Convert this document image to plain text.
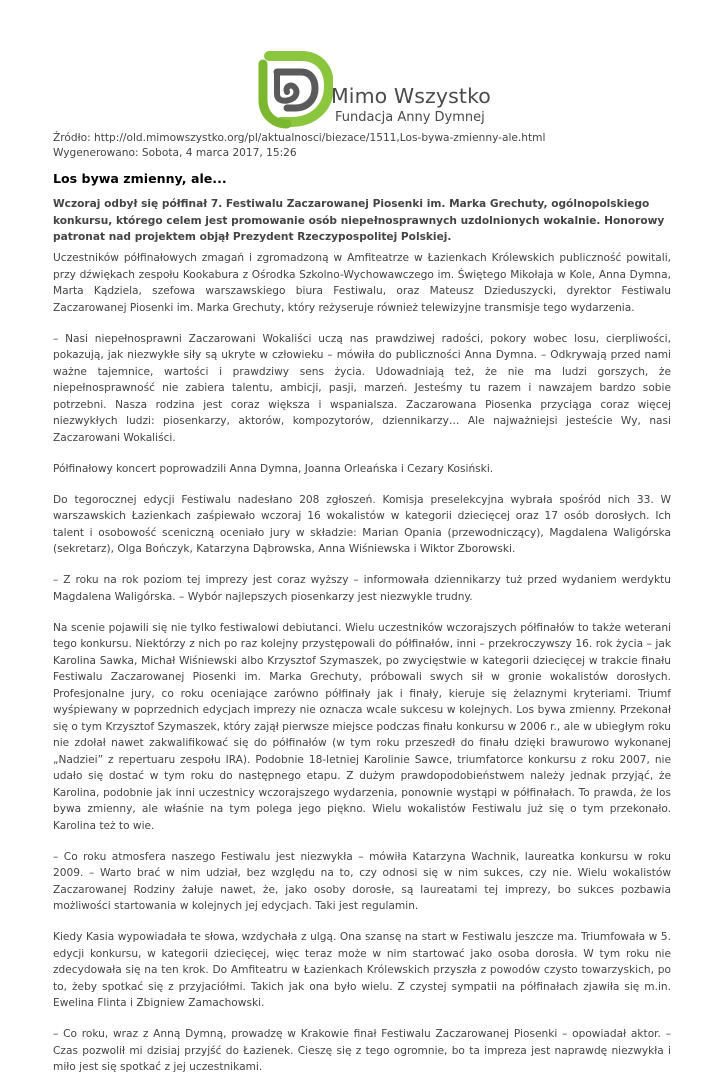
Mimo Wszystko
Fundacja Anny Dymnej
Źródło: http://old.mimowszystko.org/pl/aktualnosci/biezace/1511,Los-bywa-zmienny-ale.html
Wygenerowano: Sobota, 4 marca 2017, 15:26
Los bywa zmienny, ale...

Wczoraj odbył się półfinał 7. Festiwalu Zaczarowanej Piosenki im. Marka Grechuty, ogólnopolskiego konkursu, którego celem jest promowanie osób niepełnosprawnych uzdolnionych wokalnie. Honorowy patronat nad projektem objął Prezydent Rzeczypospolitej Polskiej.

Uczestników półfinałowych zmagań i zgromadzoną w Amfiteatrze w Łazienkach Królewskich publiczność powitali, przy dźwiękach zespołu Kookabura z Ośrodka Szkolno-Wychowawczego im. Świętego Mikołaja w Kole, Anna Dymna, Marta Kądziela, szefowa warszawskiego biura Festiwalu, oraz Mateusz Dzieduszycki, dyrektor Festiwalu Zaczarowanej Piosenki im. Marka Grechuty, który reżyseruje również telewizyjne transmisje tego wydarzenia.

– Nasi niepełnosprawni Zaczarowani Wokaliści uczą nas prawdziwej radości, pokory wobec losu, cierpliwości, pokazują, jak niezwykłe siły są ukryte w człowieku – mówiła do publiczności Anna Dymna. – Odkrywają przed nami ważne tajemnice, wartości i prawdziwy sens życia. Udowadniają też, że nie ma ludzi gorszych, że niepełnosprawność nie zabiera talentu, ambicji, pasji, marzeń. Jesteśmy tu razem i nawzajem bardzo sobie potrzebni. Nasza rodzina jest coraz większa i wspanialsza. Zaczarowana Piosenka przyciąga coraz więcej niezwykłych ludzi: piosenkarzy, aktorów, kompozytorów, dziennikarzy… Ale najważniejsi jesteście Wy, nasi Zaczarowani Wokaliści.

Półfinałowy koncert poprowadzili Anna Dymna, Joanna Orleańska i Cezary Kosiński.

Do tegorocznej edycji Festiwalu nadesłano 208 zgłoszeń. Komisja preselekcyjna wybrała spośród nich 33. W warszawskich Łazienkach zaśpiewało wczoraj 16 wokalistów w kategorii dziecięcej oraz 17 osób dorosłych. Ich talent i osobowość sceniczną oceniało jury w składzie: Marian Opania (przewodniczący), Magdalena Waligórska (sekretarz), Olga Bończyk, Katarzyna Dąbrowska, Anna Wiśniewska i Wiktor Zborowski.

– Z roku na rok poziom tej imprezy jest coraz wyższy – informowała dziennikarzy tuż przed wydaniem werdyktu Magdalena Waligórska. – Wybór najlepszych piosenkarzy jest niezwykle trudny.

Na scenie pojawili się nie tylko festiwalowi debiutanci. Wielu uczestników wczorajszych półfinałów to także weterani tego konkursu. Niektórzy z nich po raz kolejny przystępowali do półfinałów, inni – przekroczywszy 16. rok życia – jak Karolina Sawka, Michał Wiśniewski albo Krzysztof Szymaszek, po zwycięstwie w kategorii dziecięcej w trakcie finału Festiwalu Zaczarowanej Piosenki im. Marka Grechuty, próbowali swych sił w gronie wokalistów dorosłych. Profesjonalne jury, co roku oceniające zarówno półfinały jak i finały, kieruje się żelaznymi kryteriami. Triumf wyśpiewany w poprzednich edycjach imprezy nie oznacza wcale sukcesu w kolejnych. Los bywa zmienny. Przekonał się o tym Krzysztof Szymaszek, który zajął pierwsze miejsce podczas finału konkursu w 2006 r., ale w ubiegłym roku nie zdołał nawet zakwalifikować się do półfinałów (w tym roku przeszedł do finału dzięki brawurowo wykonanej „Nadziei” z repertuaru zespołu IRA). Podobnie 18-letniej Karolinie Sawce, triumfatorce konkursu z roku 2007, nie udało się dostać w tym roku do następnego etapu. Z dużym prawdopodobieństwem należy jednak przyjąć, że Karolina, podobnie jak inni uczestnicy wczorajszego wydarzenia, ponownie wystąpi w półfinałach. To prawda, że los bywa zmienny, ale właśnie na tym polega jego piękno. Wielu wokalistów Festiwalu już się o tym przekonało. Karolina też to wie.

– Co roku atmosfera naszego Festiwalu jest niezwykła – mówiła Katarzyna Wachnik, laureatka konkursu w roku 2009. – Warto brać w nim udział, bez względu na to, czy odnosi się w nim sukces, czy nie. Wielu wokalistów Zaczarowanej Rodziny żałuje nawet, że, jako osoby dorosłe, są laureatami tej imprezy, bo sukces pozbawia możliwości startowania w kolejnych jej edycjach. Taki jest regulamin.

Kiedy Kasia wypowiadała te słowa, wzdychała z ulgą. Ona szansę na start w Festiwalu jeszcze ma. Triumfowała w 5. edycji konkursu, w kategorii dziecięcej, więc teraz może w nim startować jako osoba dorosła. W tym roku nie zdecydowała się na ten krok. Do Amfiteatru w Łazienkach Królewskich przyszła z powodów czysto towarzyskich, po to, żeby spotkać się z przyjaciółmi. Takich jak ona było wielu. Z czystej sympatii na półfinałach zjawiła się m.in. Ewelina Flinta i Zbigniew Zamachowski.

– Co roku, wraz z Anną Dymną, prowadzę w Krakowie finał Festiwalu Zaczarowanej Piosenki – opowiadał aktor. – Czas pozwolił mi dzisiaj przyjść do Łazienek. Cieszę się z tego ogromnie, bo ta impreza jest naprawdę niezwykła i miło jest się spotkać z jej uczestnikami.
